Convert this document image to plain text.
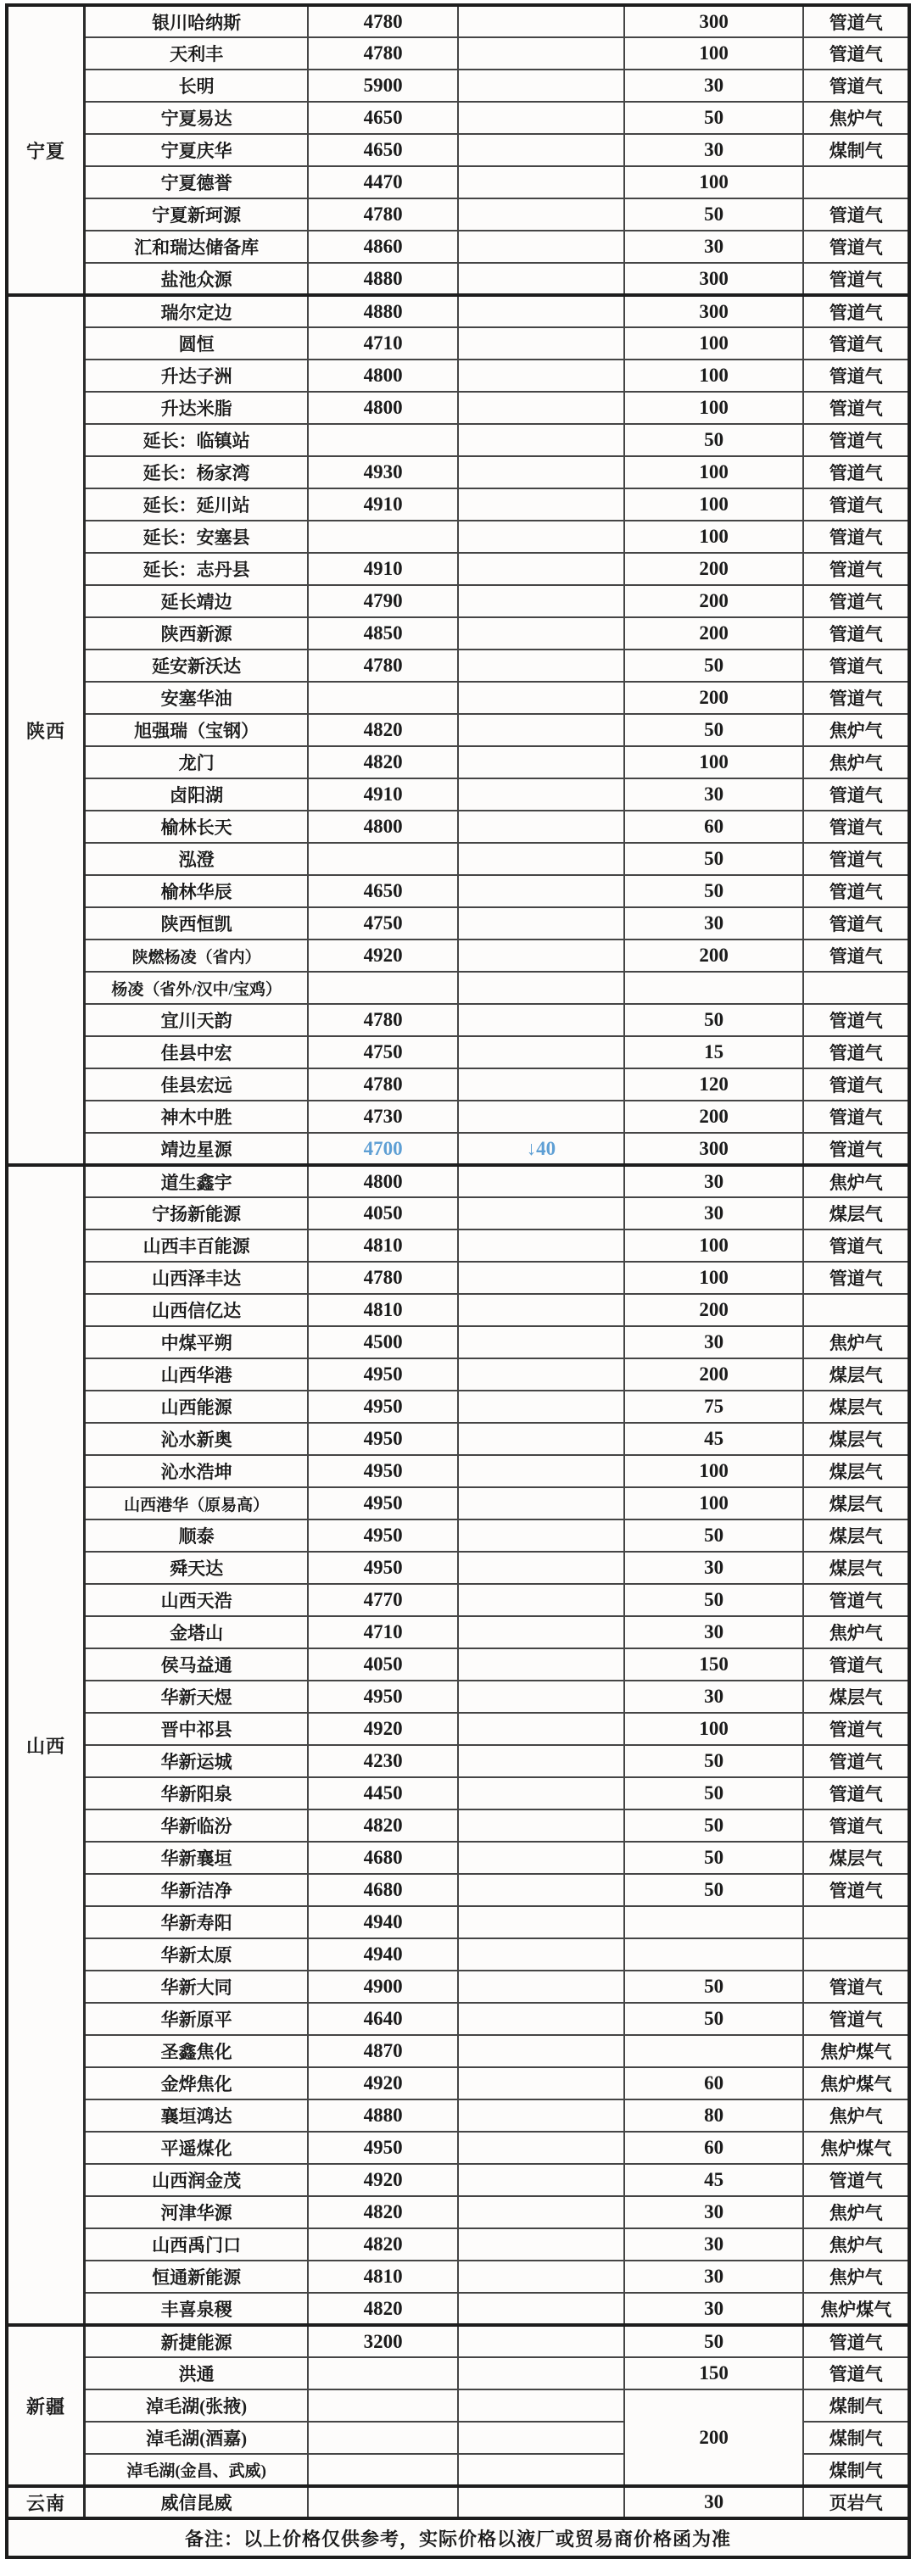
宁夏	银川哈纳斯	4780		300	管道气
	天利丰	4780		100	管道气
	长明	5900		30	管道气
	宁夏易达	4650		50	焦炉气
	宁夏庆华	4650		30	煤制气
	宁夏德誉	4470		100	
	宁夏新珂源	4780		50	管道气
	汇和瑞达储备库	4860		30	管道气
	盐池众源	4880		300	管道气
陕西	瑞尔定边	4880		300	管道气
	圆恒	4710		100	管道气
	升达子洲	4800		100	管道气
	升达米脂	4800		100	管道气
	延长：临镇站			50	管道气
	延长：杨家湾	4930		100	管道气
	延长：延川站	4910		100	管道气
	延长：安塞县			100	管道气
	延长：志丹县	4910		200	管道气
	延长靖边	4790		200	管道气
	陕西新源	4850		200	管道气
	延安新沃达	4780		50	管道气
	安塞华油			200	管道气
	旭强瑞（宝钢）	4820		50	焦炉气
	龙门	4820		100	焦炉气
	卤阳湖	4910		30	管道气
	榆林长天	4800		60	管道气
	泓澄			50	管道气
	榆林华辰	4650		50	管道气
	陕西恒凯	4750		30	管道气
	陕燃杨凌（省内）	4920		200	管道气
	杨凌（省外/汉中/宝鸡）				
	宜川天韵	4780		50	管道气
	佳县中宏	4750		15	管道气
	佳县宏远	4780		120	管道气
	神木中胜	4730		200	管道气
	靖边星源	4700	↓40	300	管道气
山西	道生鑫宇	4800		30	焦炉气
	宁扬新能源	4050		30	煤层气
	山西丰百能源	4810		100	管道气
	山西泽丰达	4780		100	管道气
	山西信亿达	4810		200	
	中煤平朔	4500		30	焦炉气
	山西华港	4950		200	煤层气
	山西能源	4950		75	煤层气
	沁水新奥	4950		45	煤层气
	沁水浩坤	4950		100	煤层气
	山西港华（原易高）	4950		100	煤层气
	顺泰	4950		50	煤层气
	舜天达	4950		30	煤层气
	山西天浩	4770		50	管道气
	金塔山	4710		30	焦炉气
	侯马益通	4050		150	管道气
	华新天煜	4950		30	煤层气
	晋中祁县	4920		100	管道气
	华新运城	4230		50	管道气
	华新阳泉	4450		50	管道气
	华新临汾	4820		50	管道气
	华新襄垣	4680		50	煤层气
	华新洁净	4680		50	管道气
	华新寿阳	4940			
	华新太原	4940			
	华新大同	4900		50	管道气
	华新原平	4640		50	管道气
	圣鑫焦化	4870			焦炉煤气
	金烨焦化	4920		60	焦炉煤气
	襄垣鸿达	4880		80	焦炉气
	平遥煤化	4950		60	焦炉煤气
	山西润金茂	4920		45	管道气
	河津华源	4820		30	焦炉气
	山西禹门口	4820		30	焦炉气
	恒通新能源	4810		30	焦炉气
	丰喜泉稷	4820		30	焦炉煤气
新疆	新捷能源	3200		50	管道气
	洪通			150	管道气
	淖毛湖(张掖)			200	煤制气
	淖毛湖(酒嘉)				煤制气
	淖毛湖(金昌、武威)				煤制气
云南	威信昆威			30	页岩气
备注：以上价格仅供参考，实际价格以液厂或贸易商价格函为准					
